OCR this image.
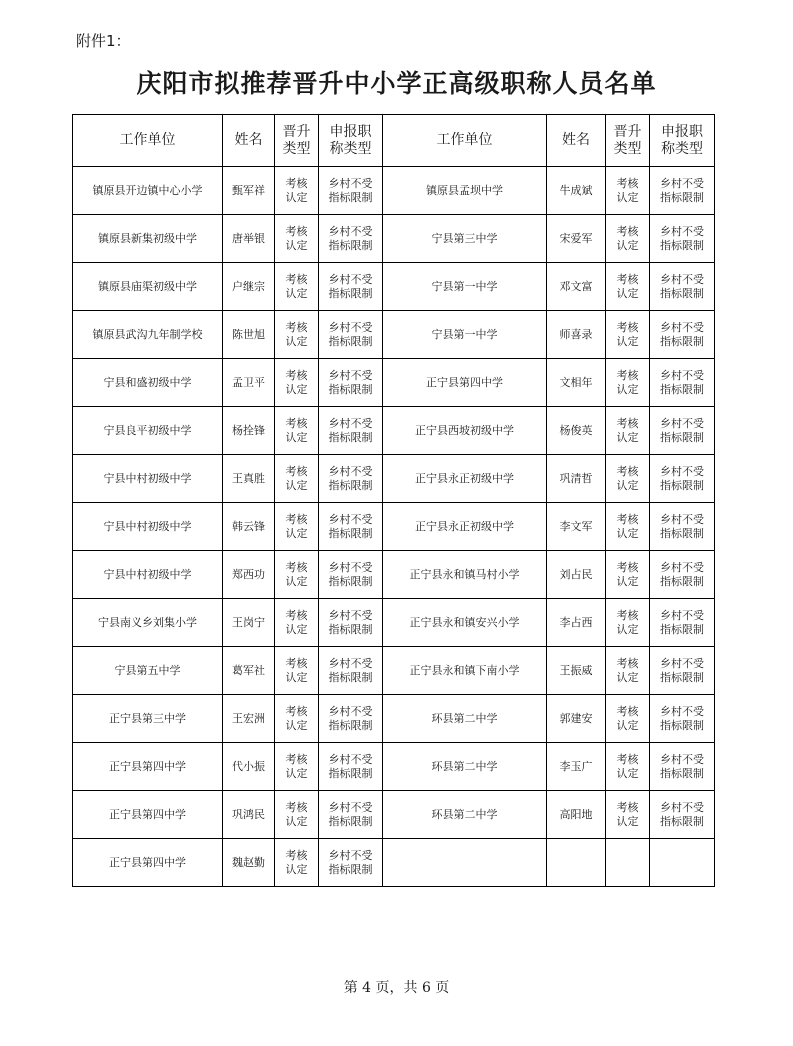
附件1：
庆阳市拟推荐晋升中小学正高级职称人员名单
工作单位	姓名	晋升类型	申报职称类型	工作单位	姓名	晋升类型	申报职称类型
镇原县开边镇中心小学	甄军祥	考核认定	乡村不受指标限制	镇原县孟坝中学	牛成斌	考核认定	乡村不受指标限制
镇原县新集初级中学	唐举银	考核认定	乡村不受指标限制	宁县第三中学	宋爱军	考核认定	乡村不受指标限制
镇原县庙渠初级中学	户继宗	考核认定	乡村不受指标限制	宁县第一中学	邓文富	考核认定	乡村不受指标限制
镇原县武沟九年制学校	陈世旭	考核认定	乡村不受指标限制	宁县第一中学	师喜录	考核认定	乡村不受指标限制
宁县和盛初级中学	孟卫平	考核认定	乡村不受指标限制	正宁县第四中学	文相年	考核认定	乡村不受指标限制
宁县良平初级中学	杨拴锋	考核认定	乡村不受指标限制	正宁县西坡初级中学	杨俊英	考核认定	乡村不受指标限制
宁县中村初级中学	王真胜	考核认定	乡村不受指标限制	正宁县永正初级中学	巩清哲	考核认定	乡村不受指标限制
宁县中村初级中学	韩云锋	考核认定	乡村不受指标限制	正宁县永正初级中学	李文军	考核认定	乡村不受指标限制
宁县中村初级中学	郑西功	考核认定	乡村不受指标限制	正宁县永和镇马村小学	刘占民	考核认定	乡村不受指标限制
宁县南义乡刘集小学	王岗宁	考核认定	乡村不受指标限制	正宁县永和镇安兴小学	李占西	考核认定	乡村不受指标限制
宁县第五中学	葛军社	考核认定	乡村不受指标限制	正宁县永和镇下南小学	王振威	考核认定	乡村不受指标限制
正宁县第三中学	王宏洲	考核认定	乡村不受指标限制	环县第二中学	郭建安	考核认定	乡村不受指标限制
正宁县第四中学	代小振	考核认定	乡村不受指标限制	环县第二中学	李玉广	考核认定	乡村不受指标限制
正宁县第四中学	巩鸿民	考核认定	乡村不受指标限制	环县第二中学	高阳地	考核认定	乡村不受指标限制
正宁县第四中学	魏赵勤	考核认定	乡村不受指标限制				
第 4 页，共 6 页
